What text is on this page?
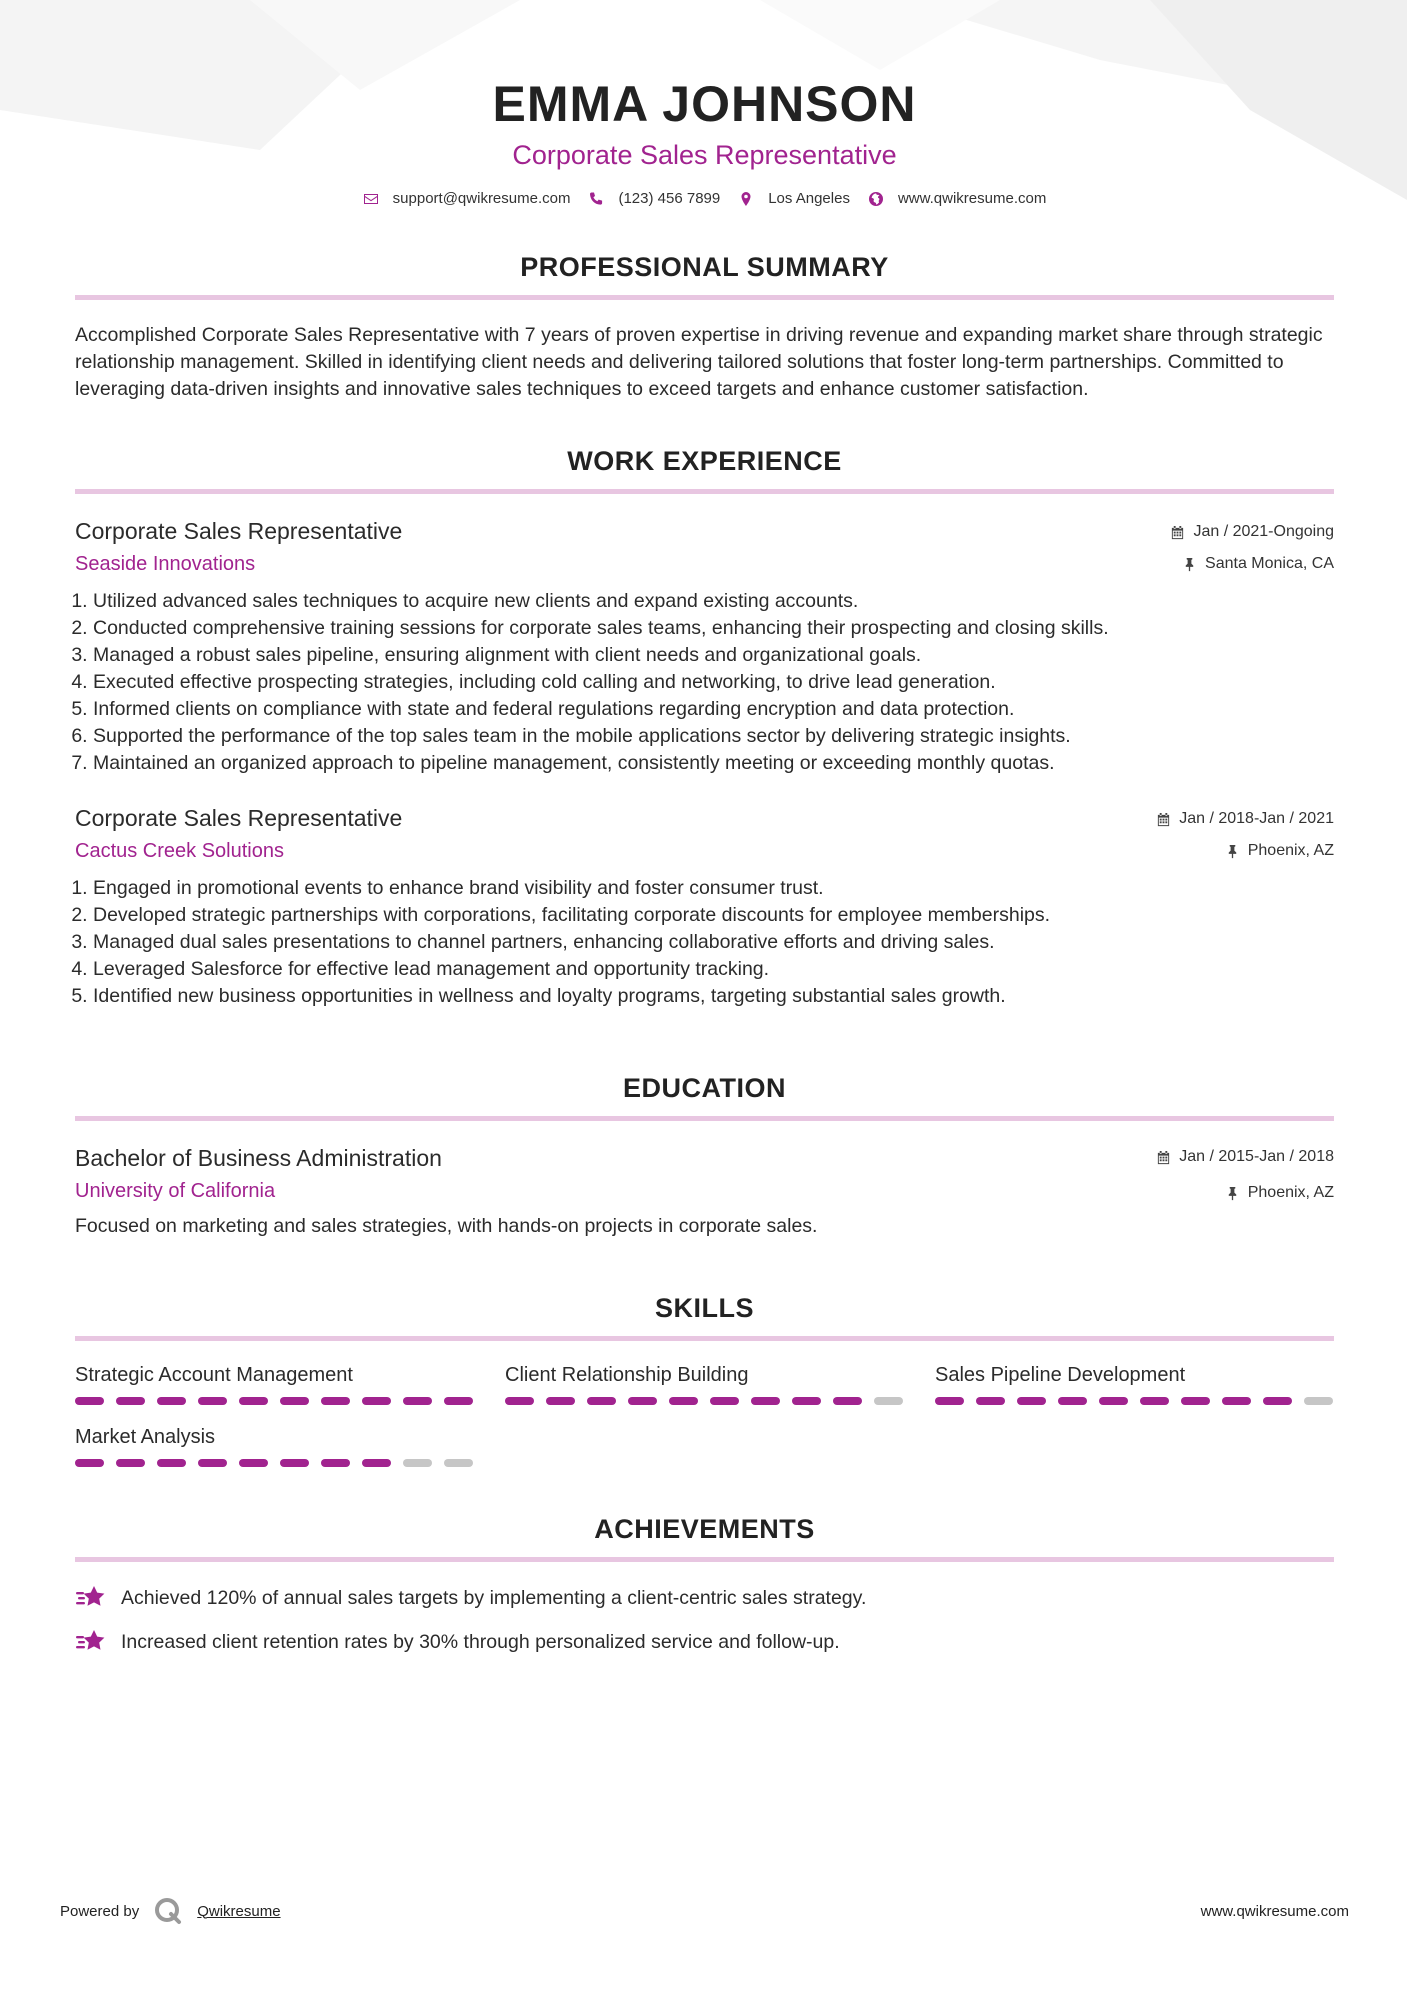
EMMA JOHNSON
Corporate Sales Representative
support@qwikresume.com	(123) 456 7899	Los Angeles	www.qwikresume.com
PROFESSIONAL SUMMARY
Accomplished Corporate Sales Representative with 7 years of proven expertise in driving revenue and expanding market share through strategic relationship management. Skilled in identifying client needs and delivering tailored solutions that foster long-term partnerships. Committed to leveraging data-driven insights and innovative sales techniques to exceed targets and enhance customer satisfaction.
WORK EXPERIENCE
Corporate Sales Representative
Seaside Innovations
Jan / 2021-Ongoing
Santa Monica, CA
1. Utilized advanced sales techniques to acquire new clients and expand existing accounts.
2. Conducted comprehensive training sessions for corporate sales teams, enhancing their prospecting and closing skills.
3. Managed a robust sales pipeline, ensuring alignment with client needs and organizational goals.
4. Executed effective prospecting strategies, including cold calling and networking, to drive lead generation.
5. Informed clients on compliance with state and federal regulations regarding encryption and data protection.
6. Supported the performance of the top sales team in the mobile applications sector by delivering strategic insights.
7. Maintained an organized approach to pipeline management, consistently meeting or exceeding monthly quotas.
Corporate Sales Representative
Cactus Creek Solutions
Jan / 2018-Jan / 2021
Phoenix, AZ
1. Engaged in promotional events to enhance brand visibility and foster consumer trust.
2. Developed strategic partnerships with corporations, facilitating corporate discounts for employee memberships.
3. Managed dual sales presentations to channel partners, enhancing collaborative efforts and driving sales.
4. Leveraged Salesforce for effective lead management and opportunity tracking.
5. Identified new business opportunities in wellness and loyalty programs, targeting substantial sales growth.
EDUCATION
Bachelor of Business Administration
University of California
Jan / 2015-Jan / 2018
Phoenix, AZ
Focused on marketing and sales strategies, with hands-on projects in corporate sales.
SKILLS
Strategic Account Management	Client Relationship Building	Sales Pipeline Development
Market Analysis
ACHIEVEMENTS
Achieved 120% of annual sales targets by implementing a client-centric sales strategy.
Increased client retention rates by 30% through personalized service and follow-up.
Powered by	Qwikresume	www.qwikresume.com
